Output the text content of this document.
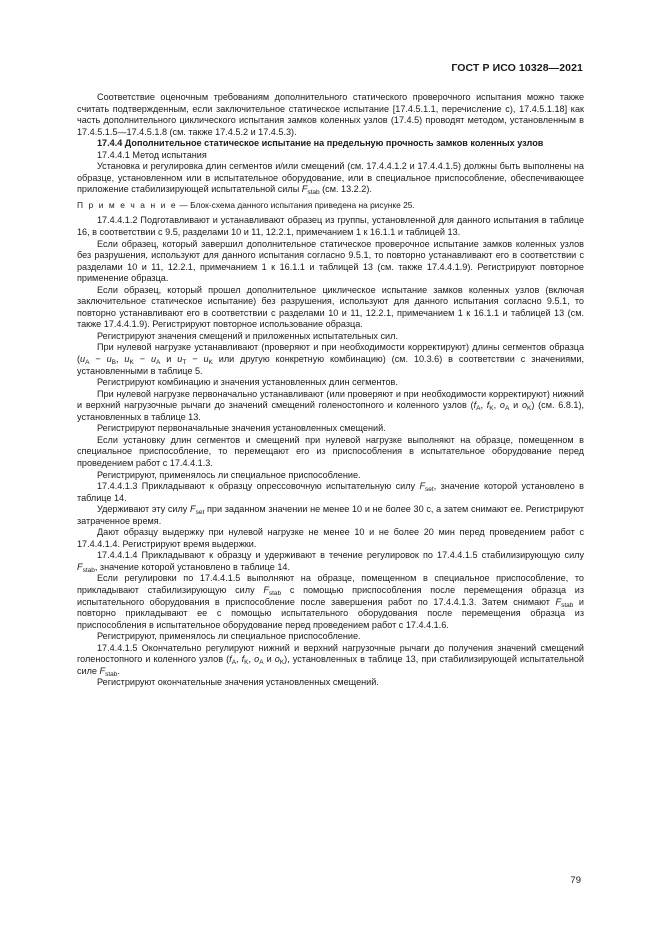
ГОСТ Р ИСО 10328—2021

Соответствие оценочным требованиям дополнительного статического проверочного испытания можно также считать подтвержденным, если заключительное статическое испытание [17.4.5.1.1, перечисление с), 17.4.5.1.18] как часть дополнительного циклического испытания замков коленных узлов (17.4.5) проводят методом, установленным в 17.4.5.1.5—17.4.5.1.8 (см. также 17.4.5.2 и 17.4.5.3).

17.4.4 Дополнительное статическое испытание на предельную прочность замков коленных узлов

17.4.4.1 Метод испытания

Установка и регулировка длин сегментов и/или смещений (см. 17.4.4.1.2 и 17.4.4.1.5) должны быть выполнены на образце, установленном или в испытательное оборудование, или в специальное приспособление, обеспечивающее приложение стабилизирующей испытательной силы $F_{stab}$ (см. 13.2.2).

П р и м е ч а н и е — Блок-схема данного испытания приведена на рисунке 25.

17.4.4.1.2 Подготавливают и устанавливают образец из группы, установленной для данного испытания в таблице 16, в соответствии с 9.5, разделами 10 и 11, 12.2.1, примечанием 1 к 16.1.1 и таблицей 13.

Если образец, который завершил дополнительное статическое проверочное испытание замков коленных узлов без разрушения, используют для данного испытания согласно 9.5.1, то повторно устанавливают его в соответствии с разделами 10 и 11, 12.2.1, примечанием 1 к 16.1.1 и таблицей 13 (см. также 17.4.4.1.9). Регистрируют повторное применение образца.

Если образец, который прошел дополнительное циклическое испытание замков коленных узлов (включая заключительное статическое испытание) без разрушения, используют для данного испытания согласно 9.5.1, то повторно устанавливают его в соответствии с разделами 10 и 11, 12.2.1, примечанием 1 к 16.1.1 и таблицей 13 (см. также 17.4.4.1.9). Регистрируют повторное использование образца.

Регистрируют значения смещений и приложенных испытательных сил.

При нулевой нагрузке устанавливают (проверяют и при необходимости корректируют) длины сегментов образца ($u_A - u_B$, $u_K - u_A$ и $u_T - u_K$ или другую конкретную комбинацию) (см. 10.3.6) в соответствии с значениями, установленными в таблице 5.

Регистрируют комбинацию и значения установленных длин сегментов.

При нулевой нагрузке первоначально устанавливают (или проверяют и при необходимости корректируют) нижний и верхний нагрузочные рычаги до значений смещений голеностопного и коленного узлов ($f_A$, $f_K$, $o_A$ и $o_K$) (см. 6.8.1), установленных в таблице 13.

Регистрируют первоначальные значения установленных смещений.

Если установку длин сегментов и смещений при нулевой нагрузке выполняют на образце, помещенном в специальное приспособление, то перемещают его из приспособления в испытательное оборудование перед проведением работ с 17.4.4.1.3.

Регистрируют, применялось ли специальное приспособление.

17.4.4.1.3 Прикладывают к образцу опрессовочную испытательную силу $F_{set}$, значение которой установлено в таблице 14.

Удерживают эту силу $F_{set}$ при заданном значении не менее 10 и не более 30 с, а затем снимают ее. Регистрируют затраченное время.

Дают образцу выдержку при нулевой нагрузке не менее 10 и не более 20 мин перед проведением работ с 17.4.4.1.4. Регистрируют время выдержки.

17.4.4.1.4 Прикладывают к образцу и удерживают в течение регулировок по 17.4.4.1.5 стабилизирующую силу $F_{stab}$, значение которой установлено в таблице 14.

Если регулировки по 17.4.4.1.5 выполняют на образце, помещенном в специальное приспособление, то прикладывают стабилизирующую силу $F_{stab}$ с помощью приспособления после перемещения образца из испытательного оборудования в приспособление после завершения работ по 17.4.4.1.3. Затем снимают $F_{stab}$ и повторно прикладывают ее с помощью испытательного оборудования после перемещения образца из приспособления в испытательное оборудование перед проведением работ с 17.4.4.1.6.

Регистрируют, применялось ли специальное приспособление.

17.4.4.1.5 Окончательно регулируют нижний и верхний нагрузочные рычаги до получения значений смещений голеностопного и коленного узлов ($f_A$, $f_K$, $o_A$ и $o_K$), установленных в таблице 13, при стабилизирующей испытательной силе $F_{stab}$.

Регистрируют окончательные значения установленных смещений.

79
